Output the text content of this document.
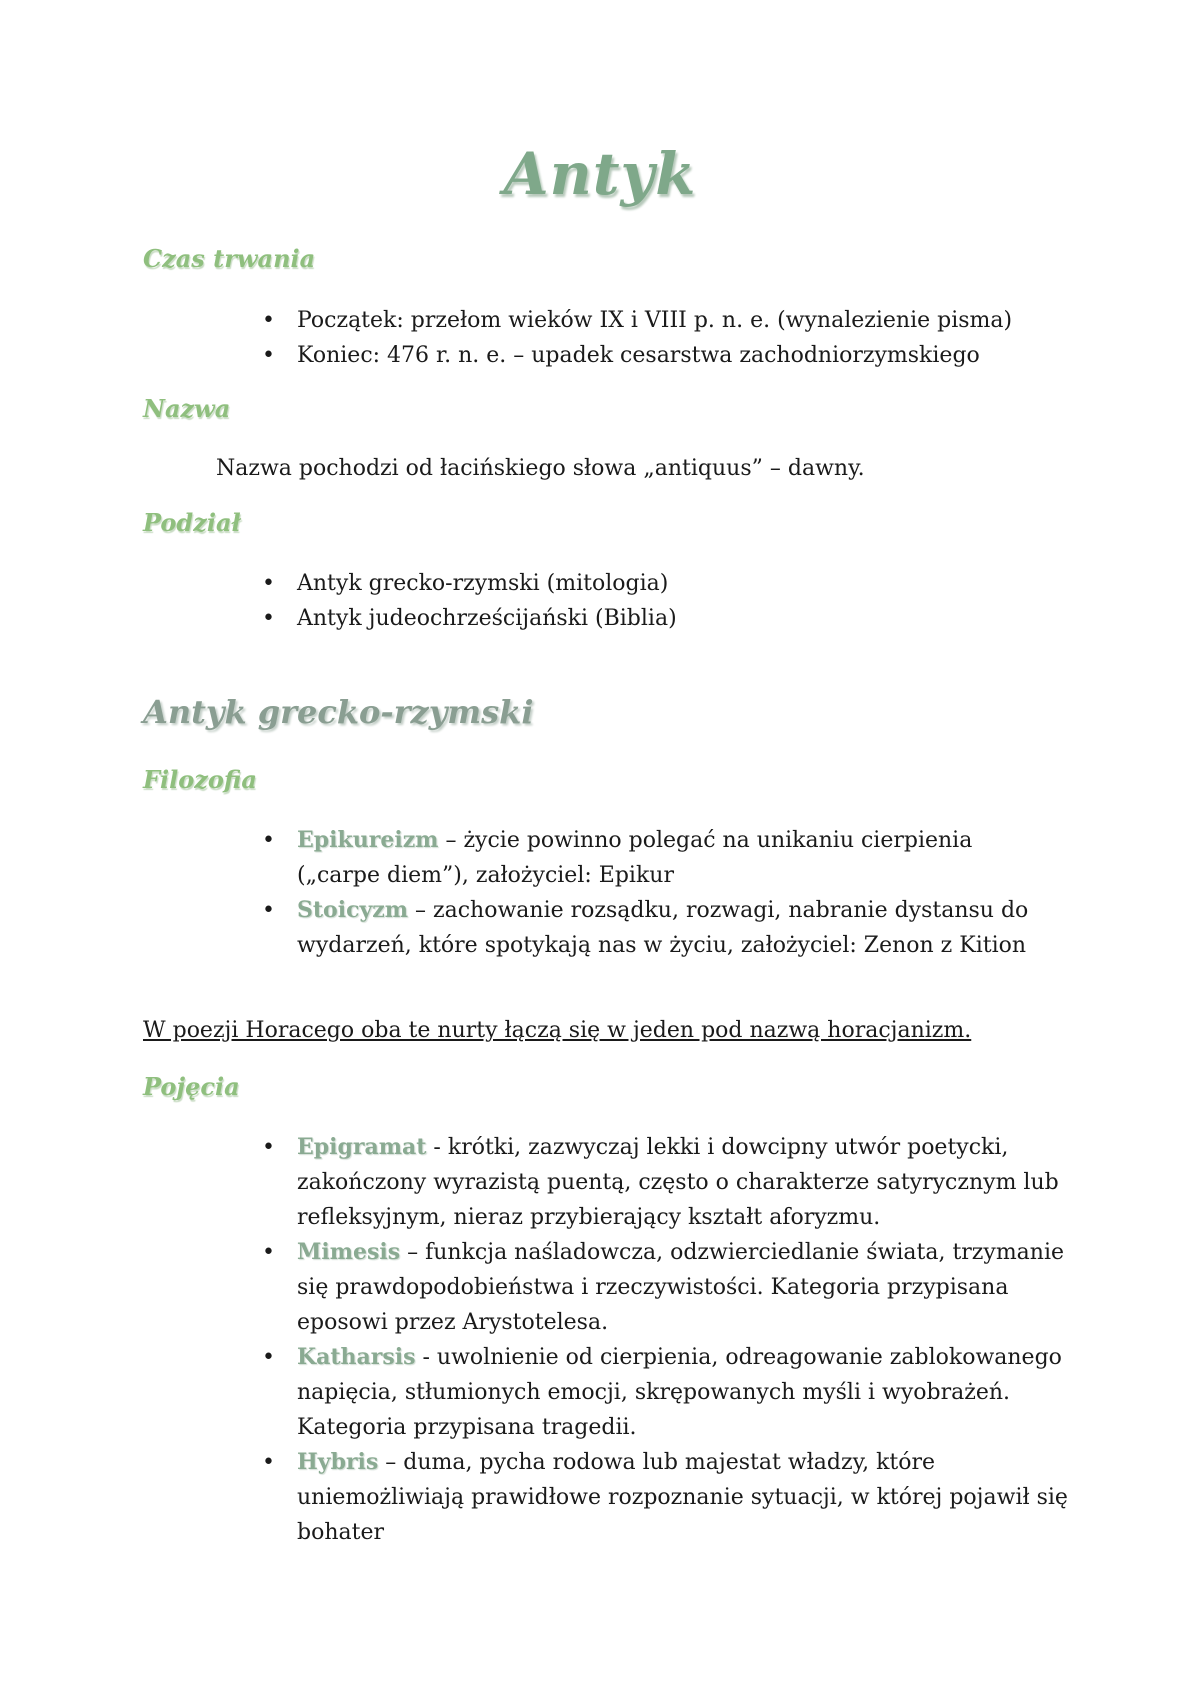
Antyk
Czas trwania
• Początek: przełom wieków IX i VIII p. n. e. (wynalezienie pisma)
• Koniec: 476 r. n. e. – upadek cesarstwa zachodniorzymskiego
Nazwa
Nazwa pochodzi od łacińskiego słowa „antiquus” – dawny.
Podział
• Antyk grecko-rzymski (mitologia)
• Antyk judeochrześcijański (Biblia)
Antyk grecko-rzymski
Filozofia
• Epikureizm – życie powinno polegać na unikaniu cierpienia („carpe diem”), założyciel: Epikur
• Stoicyzm – zachowanie rozsądku, rozwagi, nabranie dystansu do wydarzeń, które spotykają nas w życiu, założyciel: Zenon z Kition
W poezji Horacego oba te nurty łączą się w jeden pod nazwą horacjanizm.
Pojęcia
• Epigramat - krótki, zazwyczaj lekki i dowcipny utwór poetycki, zakończony wyrazistą puentą, często o charakterze satyrycznym lub refleksyjnym, nieraz przybierający kształt aforyzmu.
• Mimesis – funkcja naśladowcza, odzwierciedlanie świata, trzymanie się prawdopodobieństwa i rzeczywistości. Kategoria przypisana eposowi przez Arystotelesa.
• Katharsis - uwolnienie od cierpienia, odreagowanie zablokowanego napięcia, stłumionych emocji, skrępowanych myśli i wyobrażeń. Kategoria przypisana tragedii.
• Hybris – duma, pycha rodowa lub majestat władzy, które uniemożliwiają prawidłowe rozpoznanie sytuacji, w której pojawił się bohater
